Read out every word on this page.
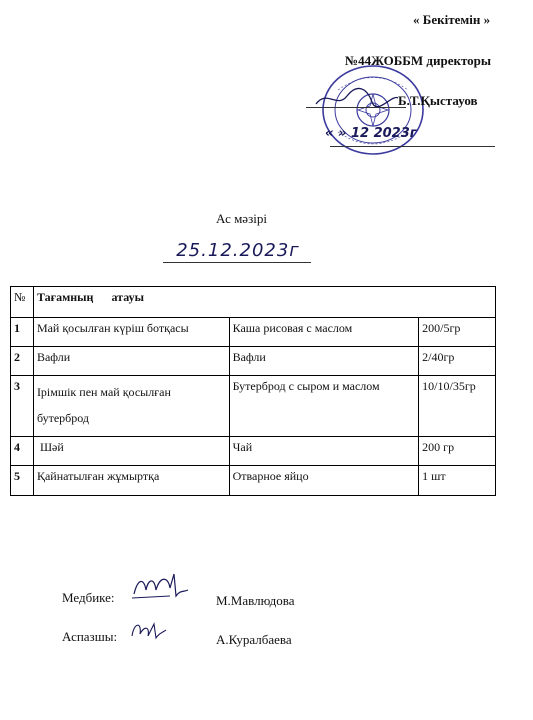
« Бекітемін »
№44ЖОББМ директоры
Б.Т.Қыстауов
« » 12 2023г
Ас мәзірі
25.12.2023г
№	Тағамның      атауы		
1	Май қосылған күріш ботқасы	Каша рисовая с маслом	200/5гр
2	Вафли	Вафли	2/40гр
3	Ірімшік пен май қосылған бутерброд	Бутерброд с сыром и маслом	10/10/35гр
4	Шәй	Чай	200 гр
5	Қайнатылған жұмыртқа	Отварное яйцо	1 шт
Медбике:	М.Мавлюдова
Аспазшы:	А.Куралбаева
